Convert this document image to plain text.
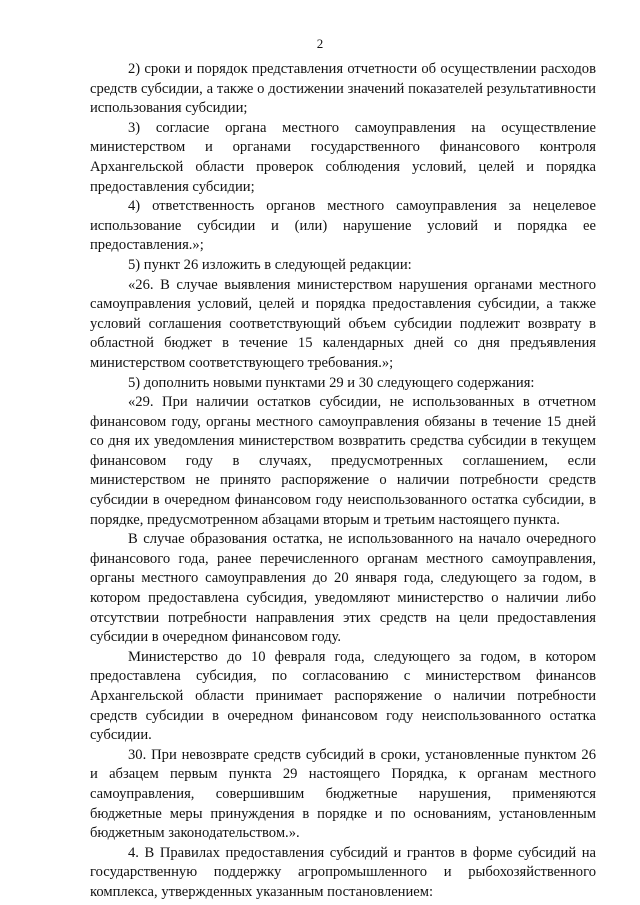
2

2) сроки и порядок представления отчетности об осуществлении расходов средств субсидии, а также о достижении значений показателей результативности использования субсидии;

3) согласие органа местного самоуправления на осуществление министерством и органами государственного финансового контроля Архангельской области проверок соблюдения условий, целей и порядка предоставления субсидии;

4) ответственность органов местного самоуправления за нецелевое использование субсидии и (или) нарушение условий и порядка ее предоставления.»;

5) пункт 26 изложить в следующей редакции:

«26. В случае выявления министерством нарушения органами местного самоуправления условий, целей и порядка предоставления субсидии, а также условий соглашения соответствующий объем субсидии подлежит возврату в областной бюджет в течение 15 календарных дней со дня предъявления министерством соответствующего требования.»;

5) дополнить новыми пунктами 29 и 30 следующего содержания:

«29. При наличии остатков субсидии, не использованных в отчетном финансовом году, органы местного самоуправления обязаны в течение 15 дней со дня их уведомления министерством возвратить средства субсидии в текущем финансовом году в случаях, предусмотренных соглашением, если министерством не принято распоряжение о наличии потребности средств субсидии в очередном финансовом году неиспользованного остатка субсидии, в порядке, предусмотренном абзацами вторым и третьим настоящего пункта.

В случае образования остатка, не использованного на начало очередного финансового года, ранее перечисленного органам местного самоуправления, органы местного самоуправления до 20 января года, следующего за годом, в котором предоставлена субсидия, уведомляют министерство о наличии либо отсутствии потребности направления этих средств на цели предоставления субсидии в очередном финансовом году.

Министерство до 10 февраля года, следующего за годом, в котором предоставлена субсидия, по согласованию с министерством финансов Архангельской области принимает распоряжение о наличии потребности средств субсидии в очередном финансовом году неиспользованного остатка субсидии.

30. При невозврате средств субсидий в сроки, установленные пунктом 26 и абзацем первым пункта 29 настоящего Порядка, к органам местного самоуправления, совершившим бюджетные нарушения, применяются бюджетные меры принуждения в порядке и по основаниям, установленным бюджетным законодательством.».

4. В Правилах предоставления субсидий и грантов в форме субсидий на государственную поддержку агропромышленного и рыбохозяйственного комплекса, утвержденных указанным постановлением:
